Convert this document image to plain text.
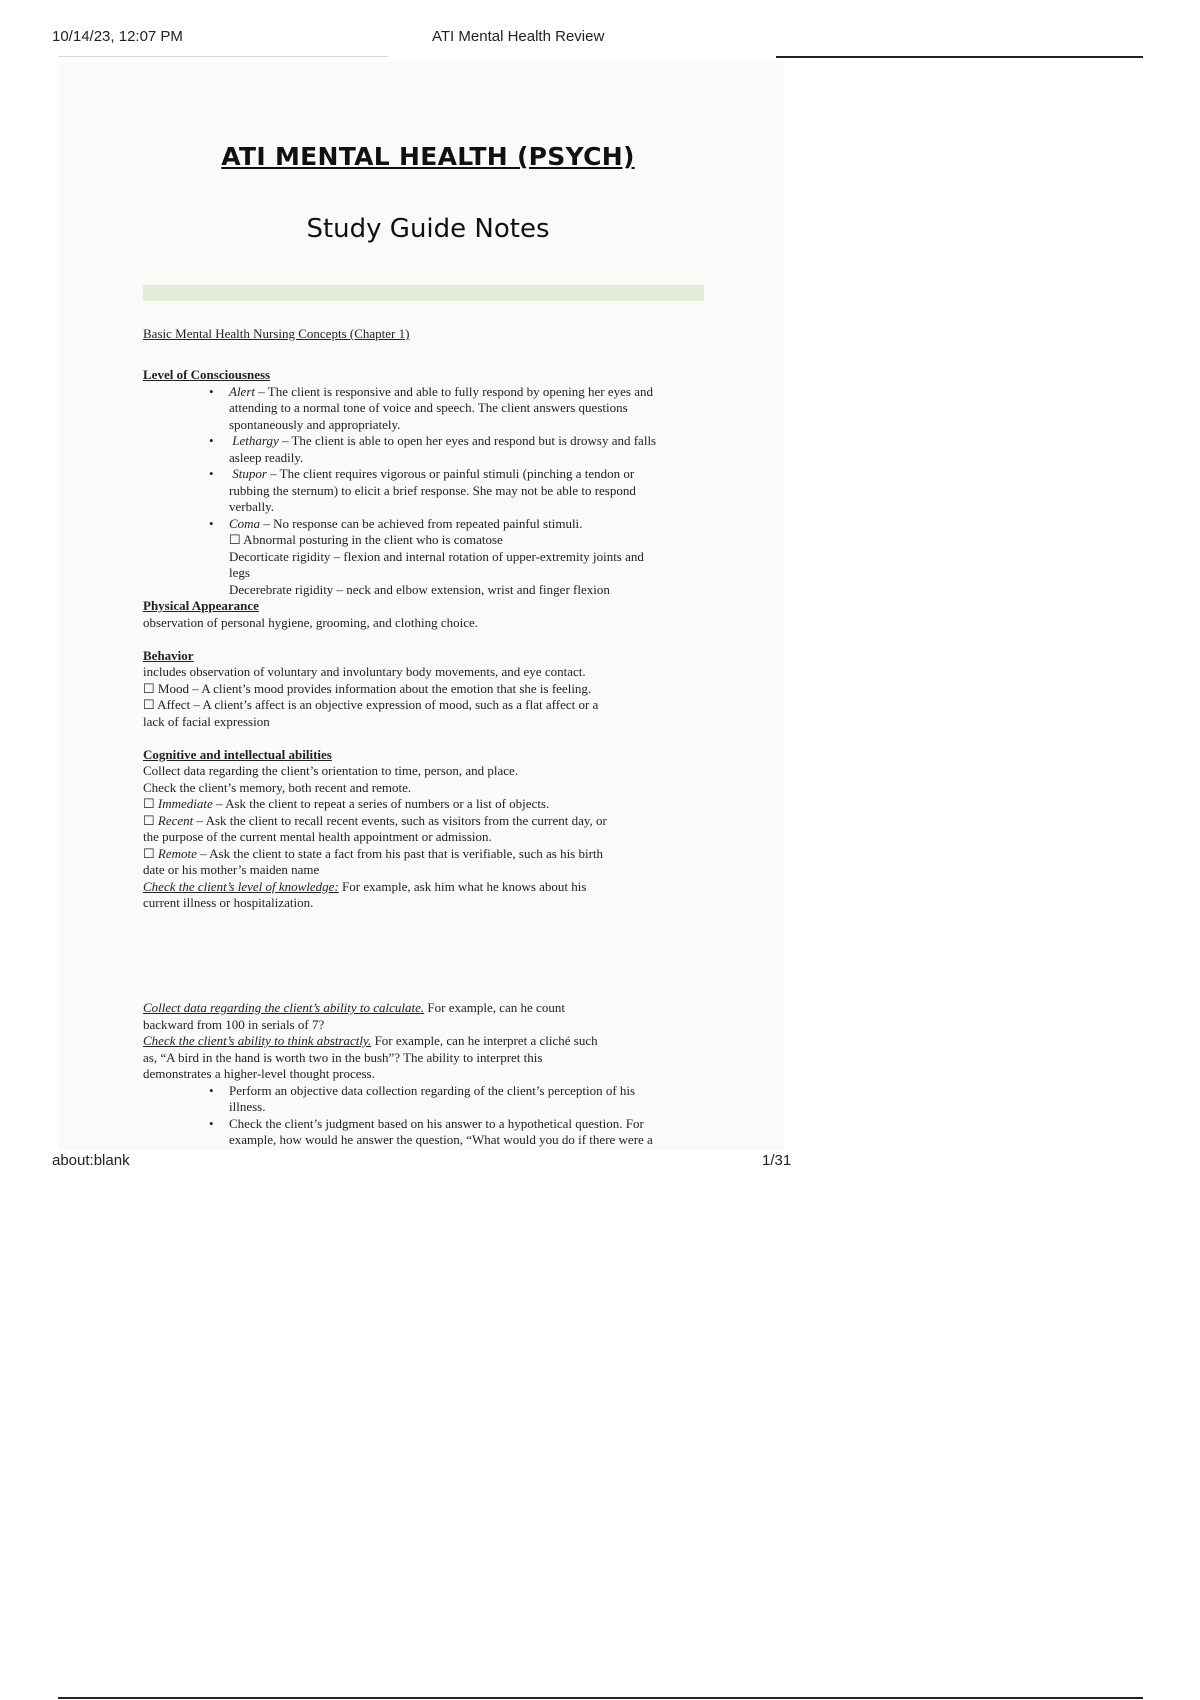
10/14/23, 12:07 PM	ATI Mental Health Review
ATI MENTAL HEALTH (PSYCH)
Study Guide Notes
Basic Mental Health Nursing Concepts (Chapter 1)
Level of Consciousness

• Alert – The client is responsive and able to fully respond by opening her eyes and

attending to a normal tone of voice and speech. The client answers questions

spontaneously and appropriately.

• Lethargy – The client is able to open her eyes and respond but is drowsy and falls

asleep readily.

• Stupor – The client requires vigorous or painful stimuli (pinching a tendon or

rubbing the sternum) to elicit a brief response. She may not be able to respond

verbally.

• Coma – No response can be achieved from repeated painful stimuli.

☐ Abnormal posturing in the client who is comatose

Decorticate rigidity – flexion and internal rotation of upper-extremity joints and

legs

Decerebrate rigidity – neck and elbow extension, wrist and finger flexion

Physical Appearance

observation of personal hygiene, grooming, and clothing choice.

Behavior

includes observation of voluntary and involuntary body movements, and eye contact.

☐ Mood – A client’s mood provides information about the emotion that she is feeling.

☐ Affect – A client’s affect is an objective expression of mood, such as a flat affect or a

lack of facial expression

Cognitive and intellectual abilities

Collect data regarding the client’s orientation to time, person, and place.

Check the client’s memory, both recent and remote.

☐ Immediate – Ask the client to repeat a series of numbers or a list of objects.

☐ Recent – Ask the client to recall recent events, such as visitors from the current day, or

the purpose of the current mental health appointment or admission.

☐ Remote – Ask the client to state a fact from his past that is verifiable, such as his birth

date or his mother’s maiden name

Check the client’s level of knowledge: For example, ask him what he knows about his

current illness or hospitalization.

Collect data regarding the client’s ability to calculate. For example, can he count

backward from 100 in serials of 7?

Check the client’s ability to think abstractly. For example, can he interpret a cliché such

as, “A bird in the hand is worth two in the bush”? The ability to interpret this

demonstrates a higher-level thought process.

• Perform an objective data collection regarding of the client’s perception of his

illness.

• Check the client’s judgment based on his answer to a hypothetical question. For

example, how would he answer the question, “What would you do if there were a

about:blank	1/31
